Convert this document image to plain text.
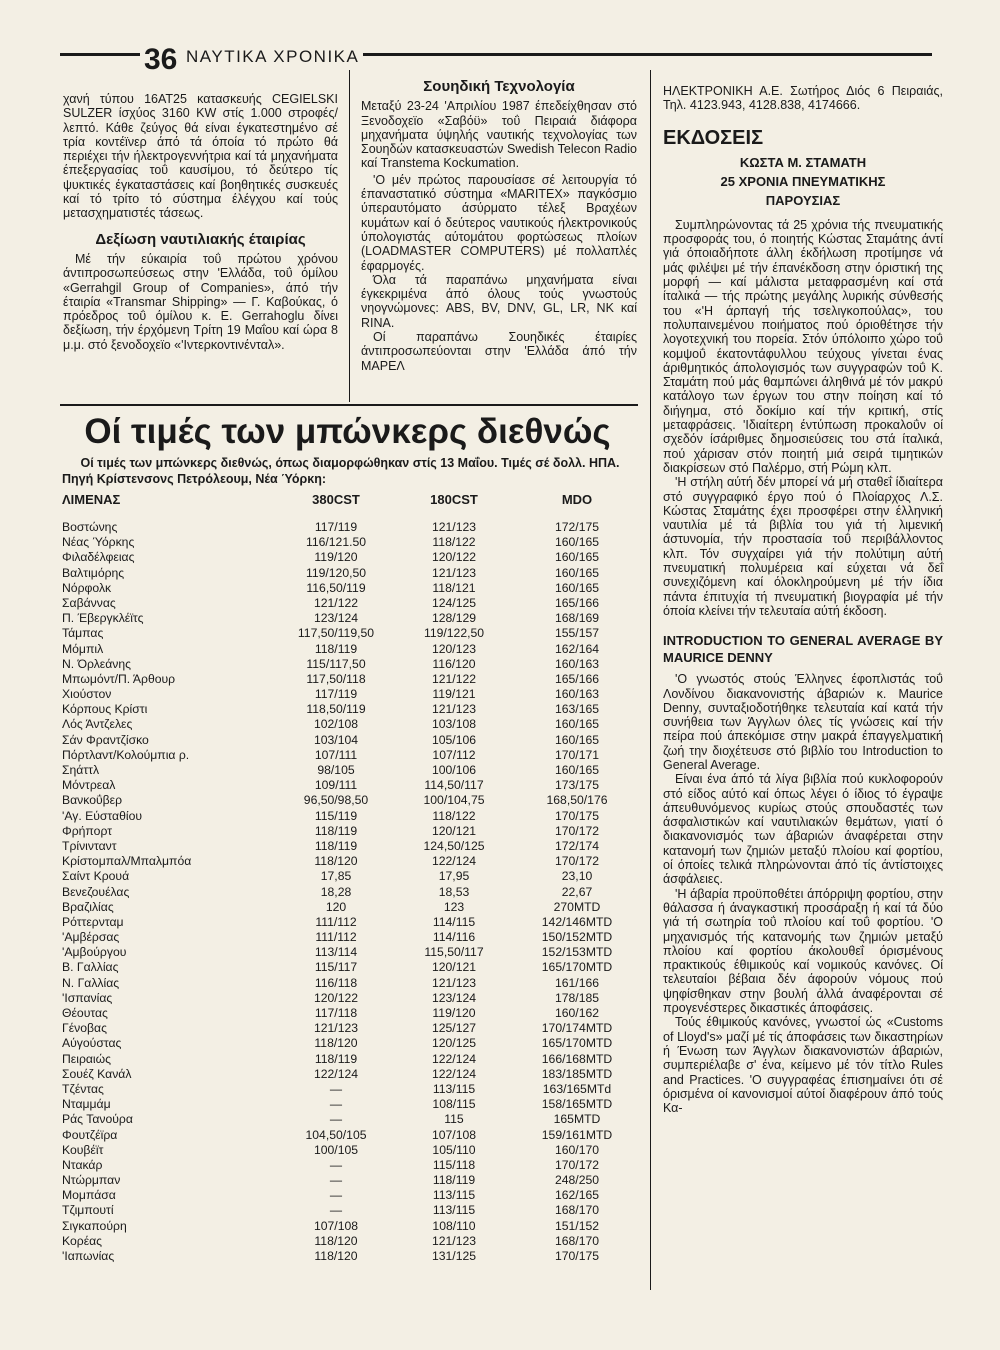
36 ΝΑΥΤΙΚΑ ΧΡΟΝΙΚΑ

χανή τύπου 16AT25 κατασκευής CEGIELSKI SULZER ίσχύος 3160 KW στίς 1.000 στροφές/λεπτό. Κάθε ζεύγος θά είναι έγκατεστημένο σέ τρία κοντέϊνερ άπό τά όποία τό πρώτο θά περιέχει τήν ήλεκτρογεννήτρια καί τά μηχανήματα έπεξεργασίας τοΰ καυσίμου, τό δεύτερο τίς ψυκτικές έγκαταστάσεις καί βοηθητικές συσκευές καί τό τρίτο τό σύστημα έλέγχου καί τούς μετασχηματιστές τάσεως.

Δεξίωση ναυτιλιακής έταιρίας

Μέ τήν εύκαιρία τοΰ πρώτου χρόνου άντιπροσωπεύσεως στην 'Ελλάδα, τοΰ όμίλου «Gerrahgil Group of Companies», άπό τήν έταιρία «Transmar Shipping» — Γ. Καβούκας, ό πρόεδρος τοΰ όμίλου κ. Ε. Gerrahoglu δίνει δεξίωση, τήν έρχόμενη Τρίτη 19 Μαΐου καί ώρα 8 μ.μ. στό ξενοδοχεϊο «'Ιντερκοντινένταλ».

Σουηδική Τεχνολογία

Μεταξύ 23-24 'Απριλίου 1987 έπεδείχθησαν στό Ξενοδοχεϊο «Σαβόϋ» τοΰ Πειραιά διάφορα μηχανήματα ύψηλής ναυτικής τεχνολογίας των Σουηδών κατασκευαστών Swedish Telecon Radio καί Transtema Kockumation.

'Ο μέν πρώτος παρουσίασε σέ λειτουργία τό έπαναστατικό σύστημα «MARITEX» παγκόσμιο ύπεραυτόματο άσύρματο τέλεξ Βραχέων κυμάτων καί ό δεύτερος ναυτικούς ήλεκτρονικούς ύπολογιστάς αύτομάτου φορτώσεως πλοίων (LOADMASTER COMPUTERS) μέ πολλαπλές έφαρμογές.

Όλα τά παραπάνω μηχανήματα είναι έγκεκριμένα άπό όλους τούς γνωστούς νηογνώμονες: ABS, BV, DNV, GL, LR, NK καί RINA.

Οί παραπάνω Σουηδικές έταιρίες άντιπροσωπεύονται στην 'Ελλάδα άπό τήν ΜΑΡΕΛ

Οί τιμές των μπώνκερς διεθνώς
Οί τιμές των μπώνκερς διεθνώς, όπως διαμορφώθηκαν στίς 13 Μαΐου. Τιμές σέ δολλ. ΗΠΑ.
Πηγή Κρίστενσονς Πετρόλεουμ, Νέα Ύόρκη:
ΛΙΜΕΝΑΣ	380CST	180CST	MDO
Βοστώνης	117/119	121/123	172/175
Νέας Ύόρκης	116/121.50	118/122	160/165
Φιλαδέλφειας	119/120	120/122	160/165
Βαλτιμόρης	119/120,50	121/123	160/165
Νόρφολκ	116,50/119	118/121	160/165
Σαβάννας	121/122	124/125	165/166
Π. Έβεργκλέϊτς	123/124	128/129	168/169
Τάμπας	117,50/119,50	119/122,50	155/157
Μόμπιλ	118/119	120/123	162/164
Ν. Όρλεάνης	115/117,50	116/120	160/163
Μπωμόντ/Π. Άρθουρ	117,50/118	121/122	165/166
Χιούστον	117/119	119/121	160/163
Κόρπους Κρίστι	118,50/119	121/123	163/165
Λός Άντζελες	102/108	103/108	160/165
Σάν Φραντζίσκο	103/104	105/106	160/165
Πόρτλαντ/Κολούμπια ρ.	107/111	107/112	170/171
Σηάττλ	98/105	100/106	160/165
Μόντρεαλ	109/111	114,50/117	173/175
Βανκοΰβερ	96,50/98,50	100/104,75	168,50/176
'Αγ. Εύσταθίου	115/119	118/122	170/175
Φρήπορτ	118/119	120/121	170/172
Τρίνινταντ	118/119	124,50/125	172/174
Κρίστομπαλ/Μπαλμπόα	118/120	122/124	170/172
Σαίντ Κρουά	17,85	17,95	23,10
Βενεζουέλας	18,28	18,53	22,67
Βραζιλίας	120	123	270MTD
Ρόττερνταμ	111/112	114/115	142/146MTD
'Αμβέρσας	111/112	114/116	150/152MTD
'Αμβούργου	113/114	115,50/117	152/153MTD
Β. Γαλλίας	115/117	120/121	165/170MTD
Ν. Γαλλίας	116/118	121/123	161/166
'Ισπανίας	120/122	123/124	178/185
Θέουτας	117/118	119/120	160/162
Γένοβας	121/123	125/127	170/174MTD
Αύγούστας	118/120	120/125	165/170MTD
Πειραιώς	118/119	122/124	166/168MTD
Σουέζ Κανάλ	122/124	122/124	183/185MTD
Τζέντας	—	113/115	163/165MTd
Νταμμάμ	—	108/115	158/165MTD
Ράς Τανούρα	—	115	165MTD
Φουτζέϊρα	104,50/105	107/108	159/161MTD
Κουβέϊτ	100/105	105/110	160/170
Ντακάρ	—	115/118	170/172
Ντώρμπαν	—	118/119	248/250
Μομπάσα	—	113/115	162/165
Τζιμπουτί	—	113/115	168/170
Σιγκαπούρη	107/108	108/110	151/152
Κορέας	118/120	121/123	168/170
'Ιαπωνίας	118/120	131/125	170/175

ΗΛΕΚΤΡΟΝΙΚΗ Α.Ε. Σωτήρος Διός 6 Πειραιάς, Τηλ. 4123.943, 4128.838, 4174666.

ΕΚΔΟΣΕΙΣ
ΚΩΣΤΑ Μ. ΣΤΑΜΑΤΗ
25 ΧΡΟΝΙΑ ΠΝΕΥΜΑΤΙΚΗΣ
ΠΑΡΟΥΣΙΑΣ

Συμπληρώνοντας τά 25 χρόνια τής πνευματικής προσφοράς του, ό ποιητής Κώστας Σταμάτης άντί γιά όποιαδήποτε άλλη έκδήλωση προτίμησε νά μάς φιλέψει μέ τήν έπανέκδοση στην όριστική της μορφή — καί μάλιστα μεταφρασμένη καί στά ίταλικά — τής πρώτης μεγάλης λυρικής σύνθεσής του «'Η άρπαγή τής τσελιγκοπούλας», του πολυπαινεμένου ποιήματος πού όριοθέτησε τήν λογοτεχνική του πορεία. Στόν ύπόλοιπο χώρο τοΰ κομψοΰ έκατοντάφυλλου τεύχους γίνεται ένας άριθμητικός άπολογισμός των συγγραφών τοΰ Κ. Σταμάτη πού μάς θαμπώνει άληθινά μέ τόν μακρύ κατάλογο των έργων του στην ποίηση καί τό διήγημα, στό δοκίμιο καί τήν κριτική, στίς μεταφράσεις. 'Ιδιαίτερη έντύπωση προκαλοΰν οί σχεδόν ίσάριθμες δημοσιεύσεις του στά ίταλικά, πού χάρισαν στόν ποιητή μιά σειρά τιμητικών διακρίσεων στό Παλέρμο, στή Ρώμη κλπ.

'Η στήλη αύτή δέν μπορεί νά μή σταθεΐ ίδιαίτερα στό συγγραφικό έργο πού ό Πλοίαρχος Λ.Σ. Κώστας Σταμάτης έχει προσφέρει στην έλληνική ναυτιλία μέ τά βιβλία του γιά τή λιμενική άστυνομία, τήν προστασία τοΰ περιβάλλοντος κλπ. Τόν συγχαίρει γιά τήν πολύτιμη αύτή πνευματική πολυμέρεια καί εύχεται νά δεΐ συνεχιζόμενη καί όλοκληρούμενη μέ τήν ίδια πάντα έπιτυχία τή πνευματική βιογραφία μέ τήν όποία κλείνει τήν τελευταία αύτή έκδοση.

INTRODUCTION TO GENERAL AVERAGE BY MAURICE DENNY

'Ο γνωστός στούς Έλληνες έφοπλιστάς τοΰ Λονδίνου διακανονιστής άβαριών κ. Maurice Denny, συνταξιοδοτήθηκε τελευταία καί κατά τήν συνήθεια των Άγγλων όλες τίς γνώσεις καί τήν πείρα πού άπεκόμισε στην μακρά έπαγγελματική ζωή την διοχέτευσε στό βιβλίο του Introduction to General Average.

Είναι ένα άπό τά λίγα βιβλία πού κυκλοφορούν στό είδος αύτό καί όπως λέγει ό ίδιος τό έγραψε άπευθυνόμενος κυρίως στούς σπουδαστές των άσφαλιστικών καί ναυτιλιακών θεμάτων, γιατί ό διακανονισμός των άβαριών άναφέρεται στην κατανομή των ζημιών μεταξύ πλοίου καί φορτίου, οί όποίες τελικά πληρώνονται άπό τίς άντίστοιχες άσφάλειες.

'Η άβαρία προϋποθέτει άπόρριψη φορτίου, στην θάλασσα ή άναγκαστική προσάραξη ή καί τά δύο γιά τή σωτηρία τοΰ πλοίου καί τοΰ φορτίου. 'Ο μηχανισμός τής κατανομής των ζημιών μεταξύ πλοίου καί φορτίου άκολουθεΐ όρισμένους πρακτικούς έθιμικούς καί νομικούς κανόνες. Οί τελευταίοι βέβαια δέν άφορούν νόμους πού ψηφίσθηκαν στην βουλή άλλά άναφέρονται σέ προγενέστερες δικαστικές άποφάσεις.

Τούς έθιμικούς κανόνες, γνωστοί ώς «Customs of Lloyd's» μαζί μέ τίς άποφάσεις των δικαστηρίων ή Ένωση των Άγγλων διακανονιστών άβαριών, συμπεριέλαβε σ' ένα, κείμενο μέ τόν τίτλο Rules and Practices. 'Ο συγγραφέας έπισημαίνει ότι σέ όρισμένα οί κανονισμοί αύτοί διαφέρουν άπό τούς Κα-
